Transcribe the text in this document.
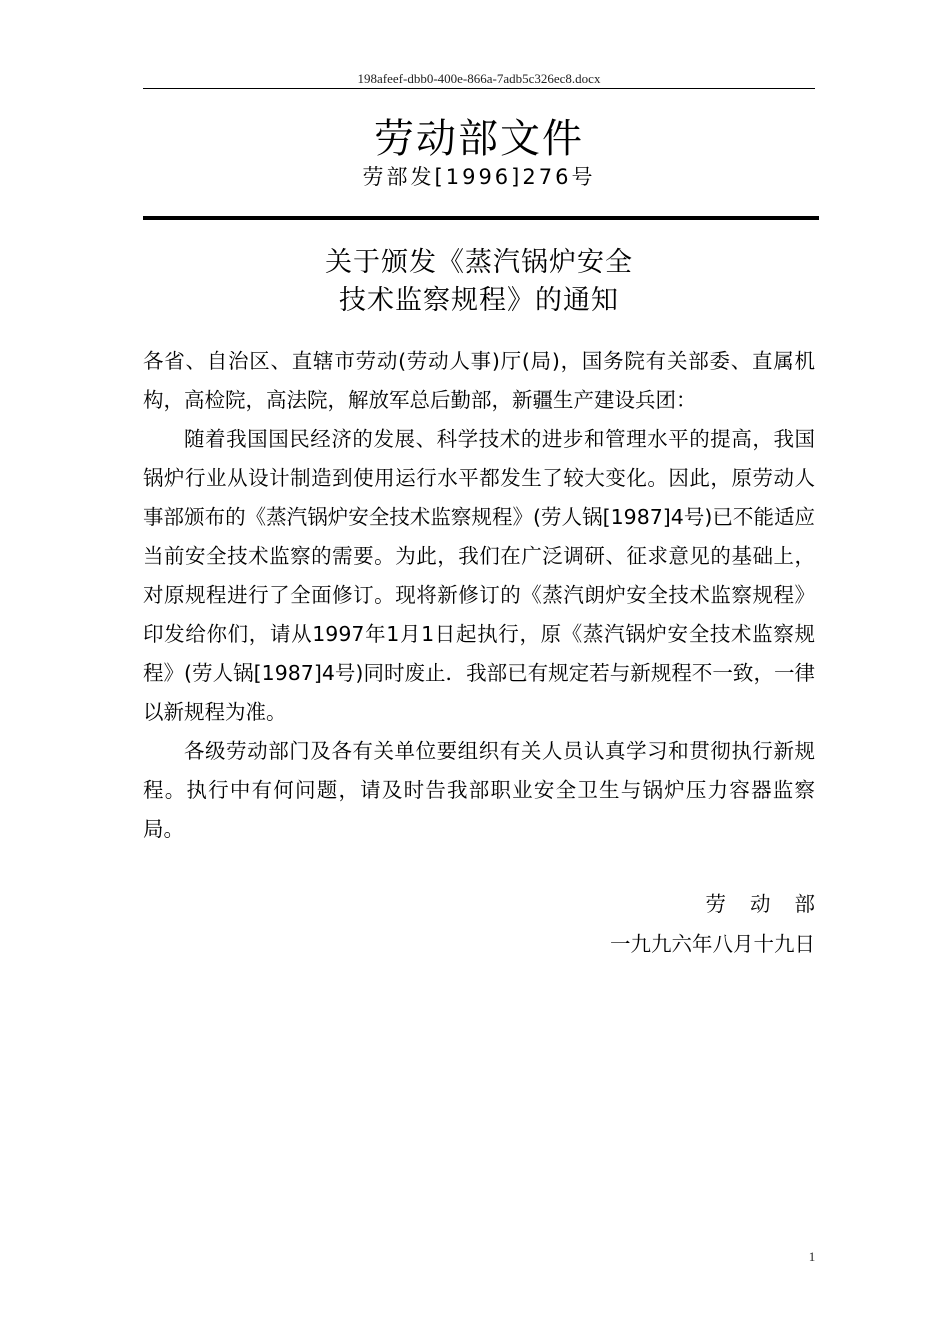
198afeef-dbb0-400e-866a-7adb5c326ec8.docx
劳动部文件
劳部发[1996]276号
关于颁发《蒸汽锅炉安全
技术监察规程》的通知

各省、自治区、直辖市劳动(劳动人事)厅(局)，国务院有关部委、直属机构，高检院，高法院，解放军总后勤部，新疆生产建设兵团：

随着我国国民经济的发展、科学技术的进步和管理水平的提高，我国锅炉行业从设计制造到使用运行水平都发生了较大变化。因此，原劳动人事部颁布的《蒸汽锅炉安全技术监察规程》(劳人锅[1987]4号)已不能适应当前安全技术监察的需要。为此，我们在广泛调研、征求意见的基础上，对原规程进行了全面修订。现将新修订的《蒸汽朗炉安全技术监察规程》印发给你们，请从1997年1月1日起执行，原《蒸汽锅炉安全技术监察规程》(劳人锅[1987]4号)同时废止．我部已有规定若与新规程不一致，一律以新规程为准。

各级劳动部门及各有关单位要组织有关人员认真学习和贯彻执行新规程。执行中有何问题，请及时告我部职业安全卫生与锅炉压力容器监察局。

劳动部
一九九六年八月十九日
1
